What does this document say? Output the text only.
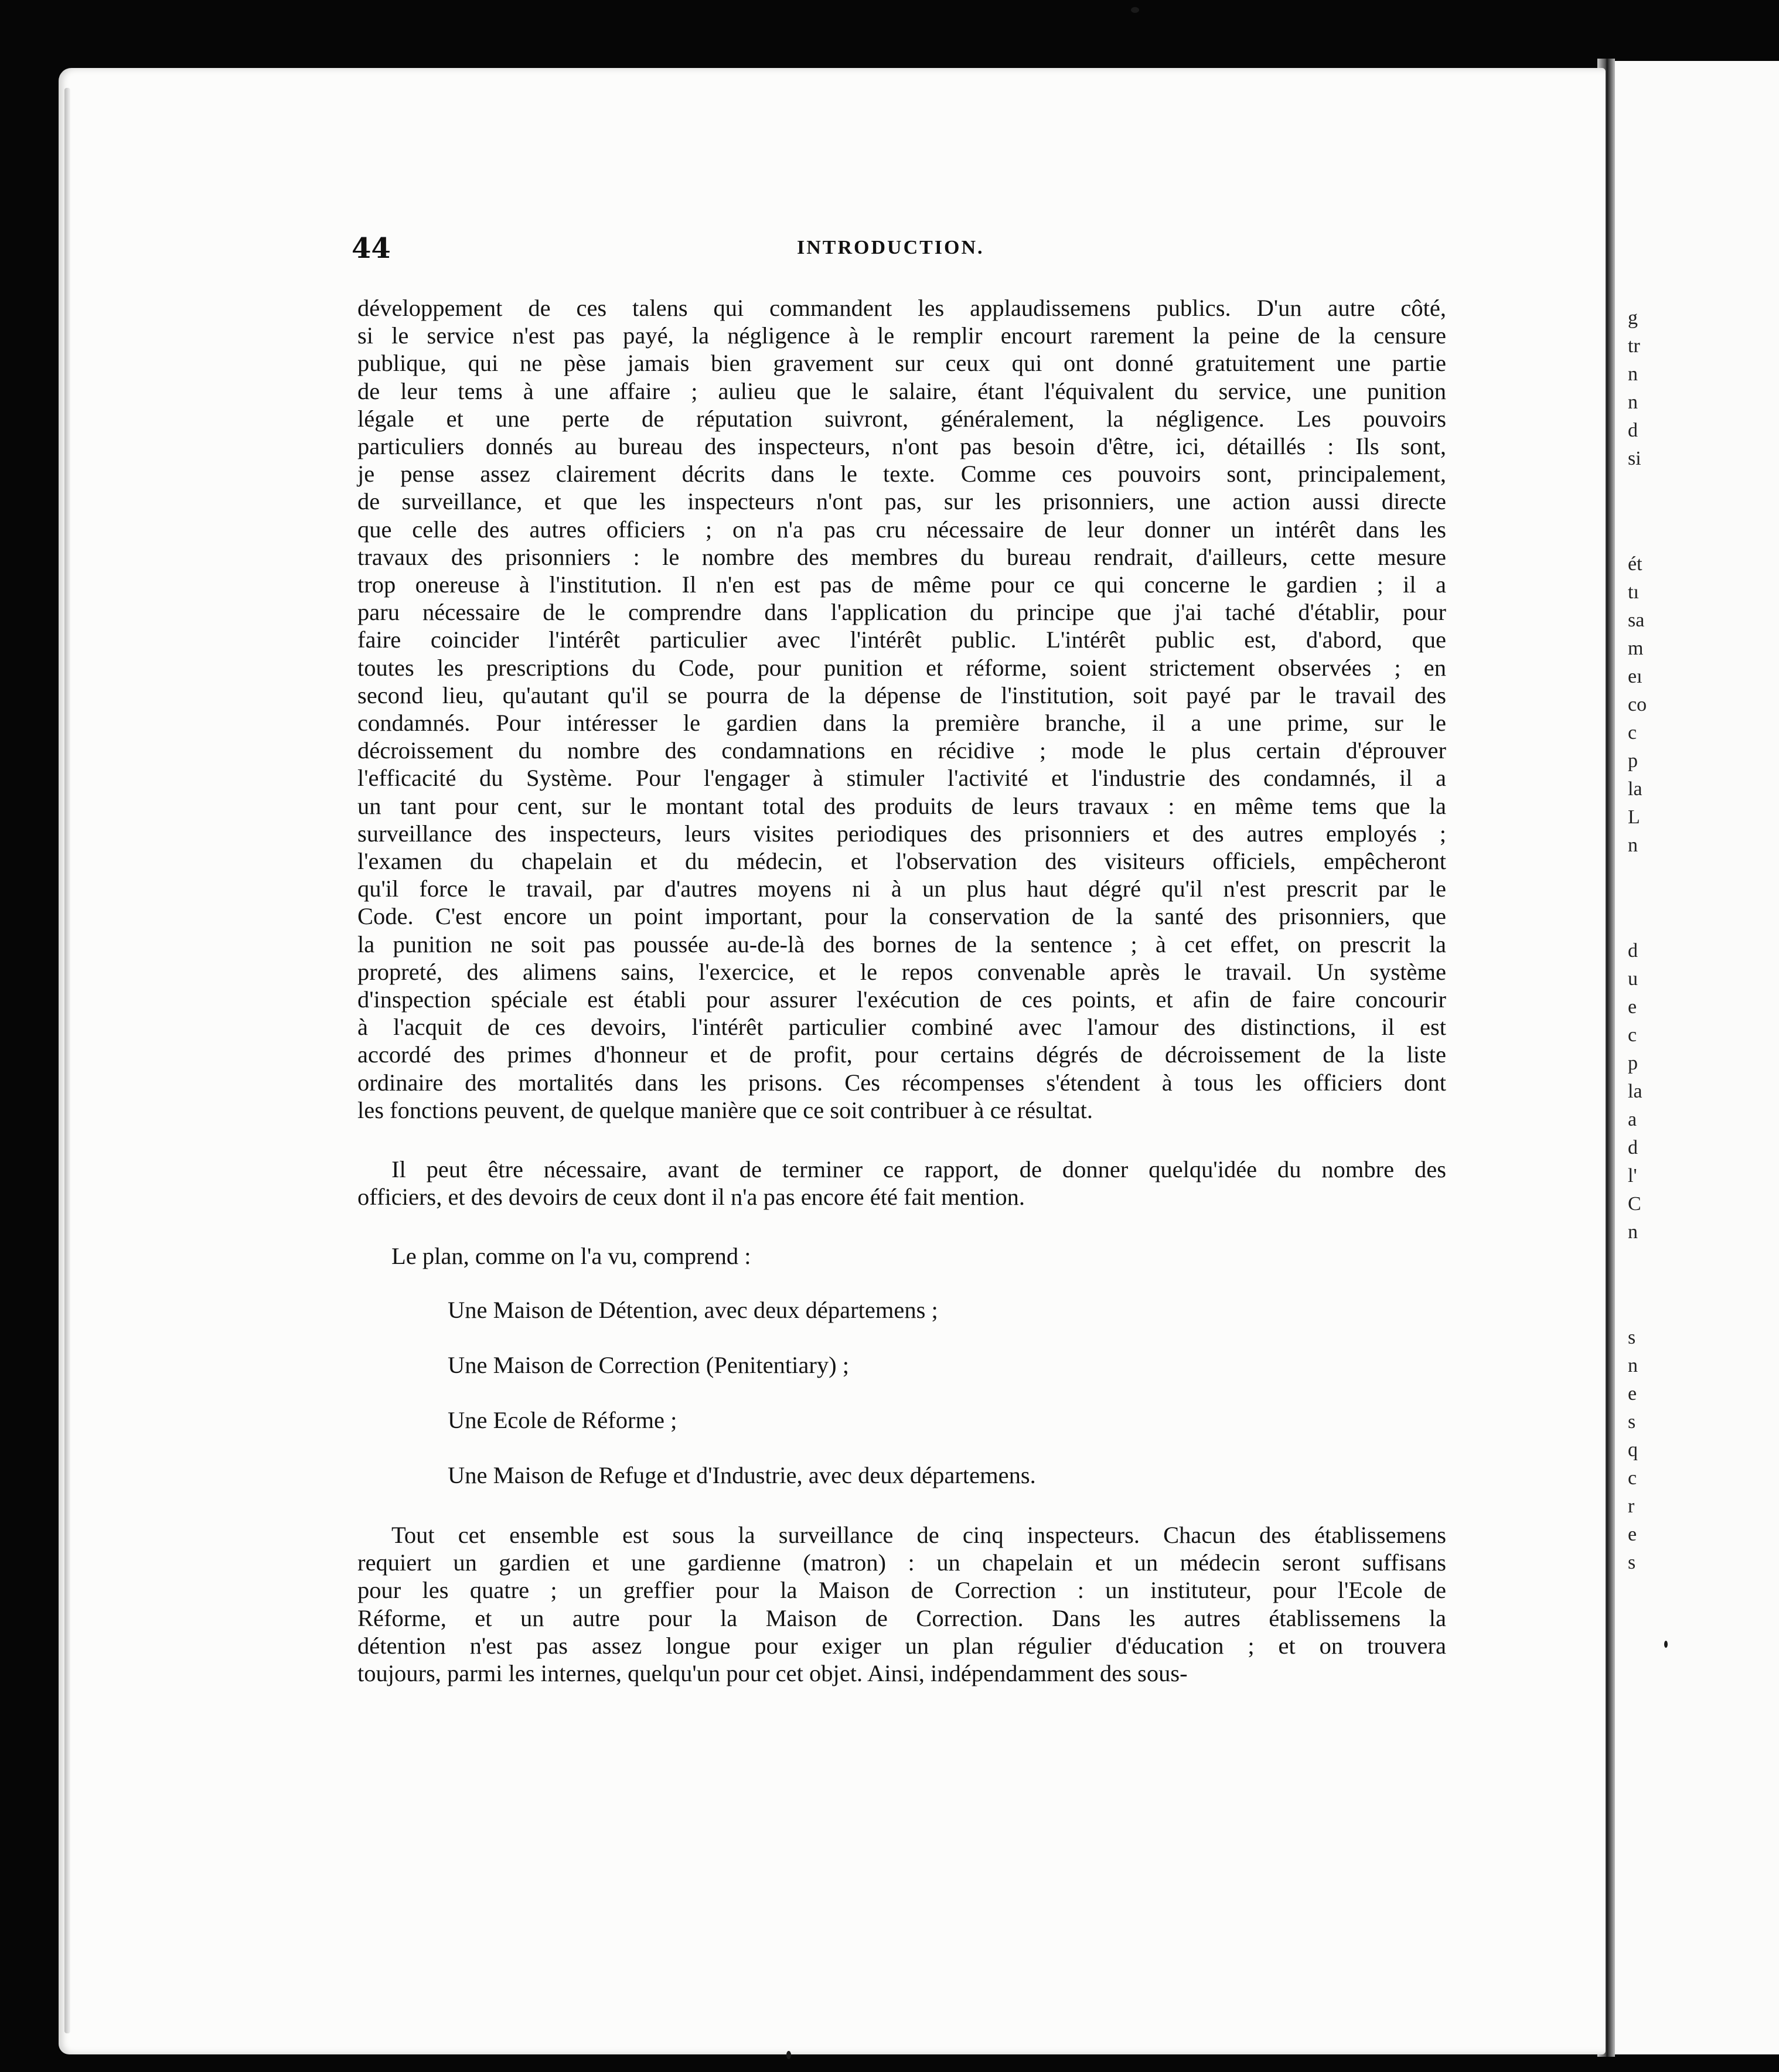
g
tr
n
n
d
si
ét
tı
sa
m
eı
co
c
p
la
L
n
d
u
e
c
p
la
a
d
l'
C
n
s
n
e
s
q
c
r
e
s
44	INTRODUCTION.
développement de ces talens qui commandent les applaudissemens publics. D'un autre côté,
si le service n'est pas payé, la négligence à le remplir encourt rarement la peine de la censure
publique, qui ne pèse jamais bien gravement sur ceux qui ont donné gratuitement une partie
de leur tems à une affaire ; aulieu que le salaire, étant l'équivalent du service, une punition
légale et une perte de réputation suivront, généralement, la négligence. Les pouvoirs
particuliers donnés au bureau des inspecteurs, n'ont pas besoin d'être, ici, détaillés : Ils sont,
je pense assez clairement décrits dans le texte. Comme ces pouvoirs sont, principalement,
de surveillance, et que les inspecteurs n'ont pas, sur les prisonniers, une action aussi directe
que celle des autres officiers ; on n'a pas cru nécessaire de leur donner un intérêt dans les
travaux des prisonniers : le nombre des membres du bureau rendrait, d'ailleurs, cette mesure
trop onereuse à l'institution. Il n'en est pas de même pour ce qui concerne le gardien ; il a
paru nécessaire de le comprendre dans l'application du principe que j'ai taché d'établir, pour
faire coincider l'intérêt particulier avec l'intérêt public. L'intérêt public est, d'abord, que
toutes les prescriptions du Code, pour punition et réforme, soient strictement observées ; en
second lieu, qu'autant qu'il se pourra de la dépense de l'institution, soit payé par le travail des
condamnés. Pour intéresser le gardien dans la première branche, il a une prime, sur le
décroissement du nombre des condamnations en récidive ; mode le plus certain d'éprouver
l'efficacité du Système. Pour l'engager à stimuler l'activité et l'industrie des condamnés, il a
un tant pour cent, sur le montant total des produits de leurs travaux : en même tems que la
surveillance des inspecteurs, leurs visites periodiques des prisonniers et des autres employés ;
l'examen du chapelain et du médecin, et l'observation des visiteurs officiels, empêcheront
qu'il force le travail, par d'autres moyens ni à un plus haut dégré qu'il n'est prescrit par le
Code. C'est encore un point important, pour la conservation de la santé des prisonniers, que
la punition ne soit pas poussée au-de-là des bornes de la sentence ; à cet effet, on prescrit la
propreté, des alimens sains, l'exercice, et le repos convenable après le travail. Un système
d'inspection spéciale est établi pour assurer l'exécution de ces points, et afin de faire concourir
à l'acquit de ces devoirs, l'intérêt particulier combiné avec l'amour des distinctions, il est
accordé des primes d'honneur et de profit, pour certains dégrés de décroissement de la liste
ordinaire des mortalités dans les prisons. Ces récompenses s'étendent à tous les officiers dont
les fonctions peuvent, de quelque manière que ce soit contribuer à ce résultat.
Il peut être nécessaire, avant de terminer ce rapport, de donner quelqu'idée du nombre des
officiers, et des devoirs de ceux dont il n'a pas encore été fait mention.
Le plan, comme on l'a vu, comprend :
Une Maison de Détention, avec deux départemens ;
Une Maison de Correction (Penitentiary) ;
Une Ecole de Réforme ;
Une Maison de Refuge et d'Industrie, avec deux départemens.
Tout cet ensemble est sous la surveillance de cinq inspecteurs. Chacun des établissemens
requiert un gardien et une gardienne (matron) : un chapelain et un médecin seront suffisans
pour les quatre ; un greffier pour la Maison de Correction : un instituteur, pour l'Ecole de
Réforme, et un autre pour la Maison de Correction. Dans les autres établissemens la
détention n'est pas assez longue pour exiger un plan régulier d'éducation ; et on trouvera
toujours, parmi les internes, quelqu'un pour cet objet. Ainsi, indépendamment des sous-
